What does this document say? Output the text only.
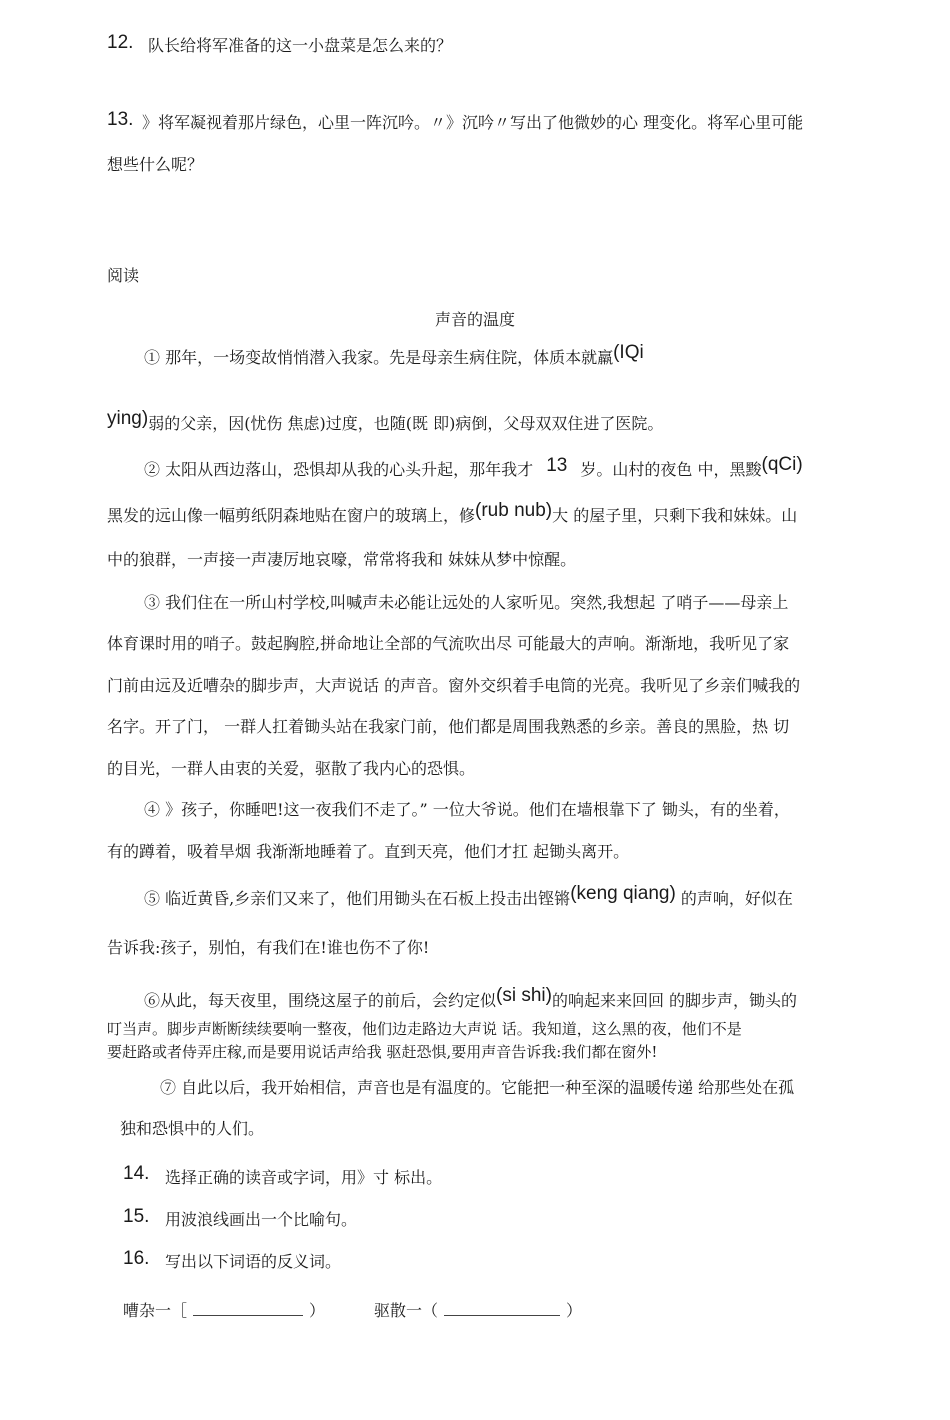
12. 队长给将军准备的这一小盘菜是怎么来的？
13. 》将军凝视着那片绿色，心里一阵沉吟。〃》沉吟〃写出了他微妙的心 理变化。将军心里可能
想些什么呢？
阅读
声音的温度
① 那年，一场变故悄悄潜入我家。先是母亲生病住院，体质本就羸(IQi
ying)弱的父亲，因(忧伤 焦虑)过度，也随(既 即)病倒，父母双双住进了医院。
② 太阳从西边落山，恐惧却从我的心头升起，那年我才 13 岁。山村的夜色 中，黑黢(qCi)
黑发的远山像一幅剪纸阴森地贴在窗户的玻璃上，修(rub nub)大 的屋子里，只剩下我和妹妹。山
中的狼群，一声接一声凄厉地哀嚎，常常将我和 妹妹从梦中惊醒。
③ 我们住在一所山村学校,叫喊声未必能让远处的人家听见。突然,我想起 了哨子——母亲上
体育课时用的哨子。鼓起胸腔,拼命地让全部的气流吹出尽 可能最大的声响。渐渐地，我听见了家
门前由远及近嘈杂的脚步声，大声说话 的声音。窗外交织着手电筒的光亮。我听见了乡亲们喊我的
名字。开了门， 一群人扛着锄头站在我家门前，他们都是周围我熟悉的乡亲。善良的黑脸，热 切
的目光，一群人由衷的关爱，驱散了我内心的恐惧。
④ 》孩子，你睡吧!这一夜我们不走了。” 一位大爷说。他们在墙根靠下了 锄头，有的坐着，
有的蹲着，吸着旱烟 我渐渐地睡着了。直到天亮，他们才扛 起锄头离开。
⑤ 临近黄昏,乡亲们又来了，他们用锄头在石板上投击出铿锵(keng qiang) 的声响，好似在
告诉我:孩子，别怕，有我们在!谁也伤不了你!
⑥从此，每天夜里，围绕这屋子的前后，会约定似(si shi)的响起来来回回 的脚步声，锄头的
叮当声。脚步声断断续续要响一整夜，他们边走路边大声说 话。我知道，这么黑的夜，他们不是
要赶路或者侍弄庄稼,而是要用说话声给我 驱赶恐惧,要用声音告诉我:我们都在窗外!
⑦ 自此以后，我开始相信，声音也是有温度的。它能把一种至深的温暖传递 给那些处在孤
独和恐惧中的人们。
14. 选择正确的读音或字词，用》寸 标出。
15. 用波浪线画出一个比喻句。
16. 写出以下词语的反义词。
嘈杂一［	）	驱散一（	）
